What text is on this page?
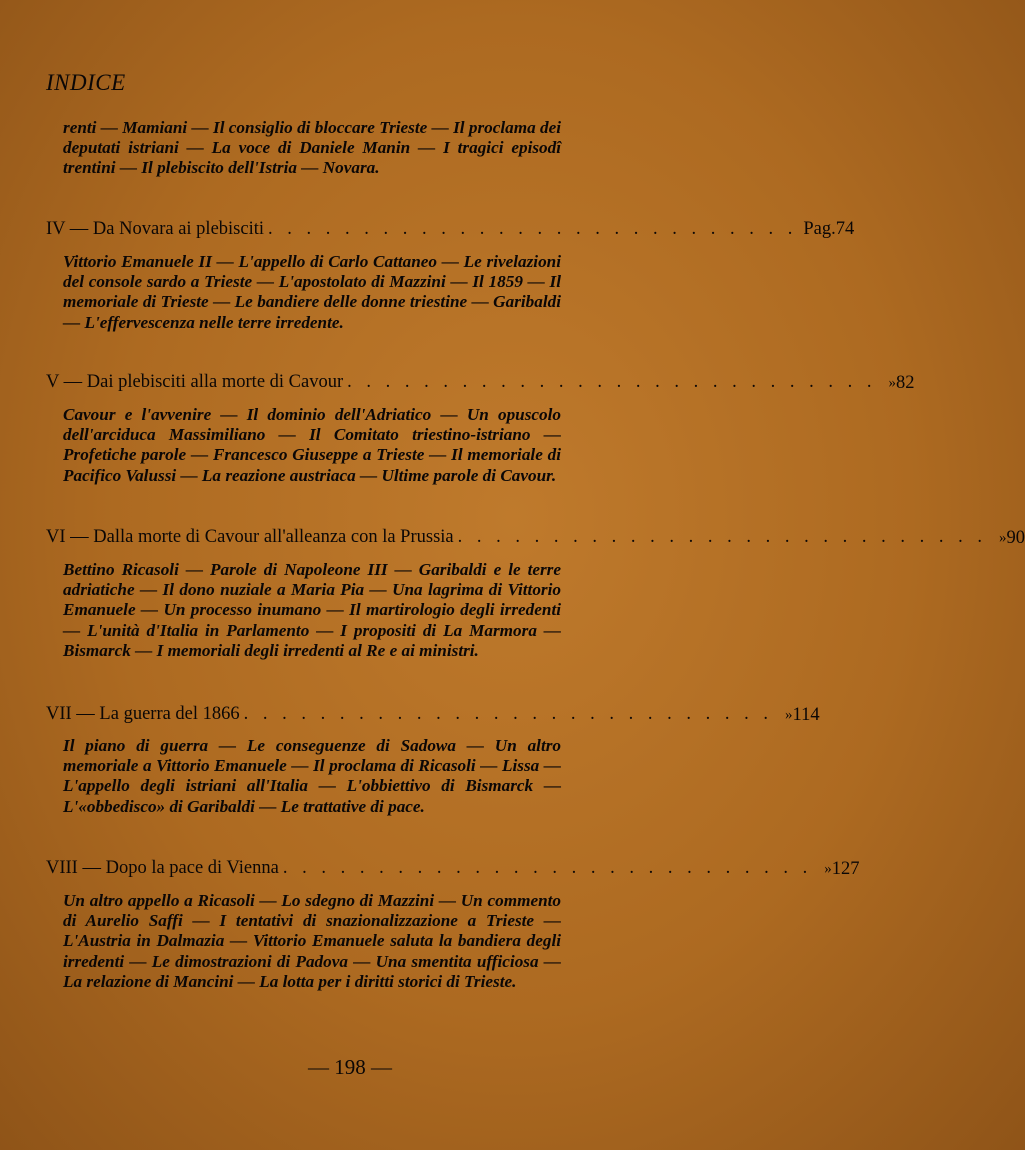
INDICE
renti — Mamiani — Il consiglio di bloccare Trieste — Il proclama dei deputati istriani — La voce di Daniele Manin — I tragici episodî trentini — Il plebiscito dell'Istria — Novara.
IV — Da Novara ai plebisciti . . . . . . . . . . . . . . . . . . . . . . . . . . . . Pag. 74
Vittorio Emanuele II — L'appello di Carlo Cattaneo — Le rivelazioni del console sardo a Trieste — L'apostolato di Mazzini — Il 1859 — Il memoriale di Trieste — Le bandiere delle donne triestine — Garibaldi — L'effervescenza nelle terre irredente.
V — Dai plebisciti alla morte di Cavour . . . . . . . . . . . . . . . . . . . . . . . . . . . . » 82
Cavour e l'avvenire — Il dominio dell'Adriatico — Un opuscolo dell'arciduca Massimiliano — Il Comitato triestino-istriano — Profetiche parole — Francesco Giuseppe a Trieste — Il memoriale di Pacifico Valussi — La reazione austriaca — Ultime parole di Cavour.
VI — Dalla morte di Cavour all'alleanza con la Prussia . . . . . . . . . . . . . . . . . . . . . . . . . . . . » 90
Bettino Ricasoli — Parole di Napoleone III — Garibaldi e le terre adriatiche — Il dono nuziale a Maria Pia — Una lagrima di Vittorio Emanuele — Un processo inumano — Il martirologio degli irredenti — L'unità d'Italia in Parlamento — I propositi di La Marmora — Bismarck — I memoriali degli irredenti al Re e ai ministri.
VII — La guerra del 1866 . . . . . . . . . . . . . . . . . . . . . . . . . . . . » 114
Il piano di guerra — Le conseguenze di Sadowa — Un altro memoriale a Vittorio Emanuele — Il proclama di Ricasoli — Lissa — L'appello degli istriani all'Italia — L'obbiettivo di Bismarck — L'«obbedisco» di Garibaldi — Le trattative di pace.
VIII — Dopo la pace di Vienna . . . . . . . . . . . . . . . . . . . . . . . . . . . . » 127
Un altro appello a Ricasoli — Lo sdegno di Mazzini — Un commento di Aurelio Saffi — I tentativi di snazionalizzazione a Trieste — L'Austria in Dalmazia — Vittorio Emanuele saluta la bandiera degli irredenti — Le dimostrazioni di Padova — Una smentita ufficiosa — La relazione di Mancini — La lotta per i diritti storici di Trieste.
— 198 —
